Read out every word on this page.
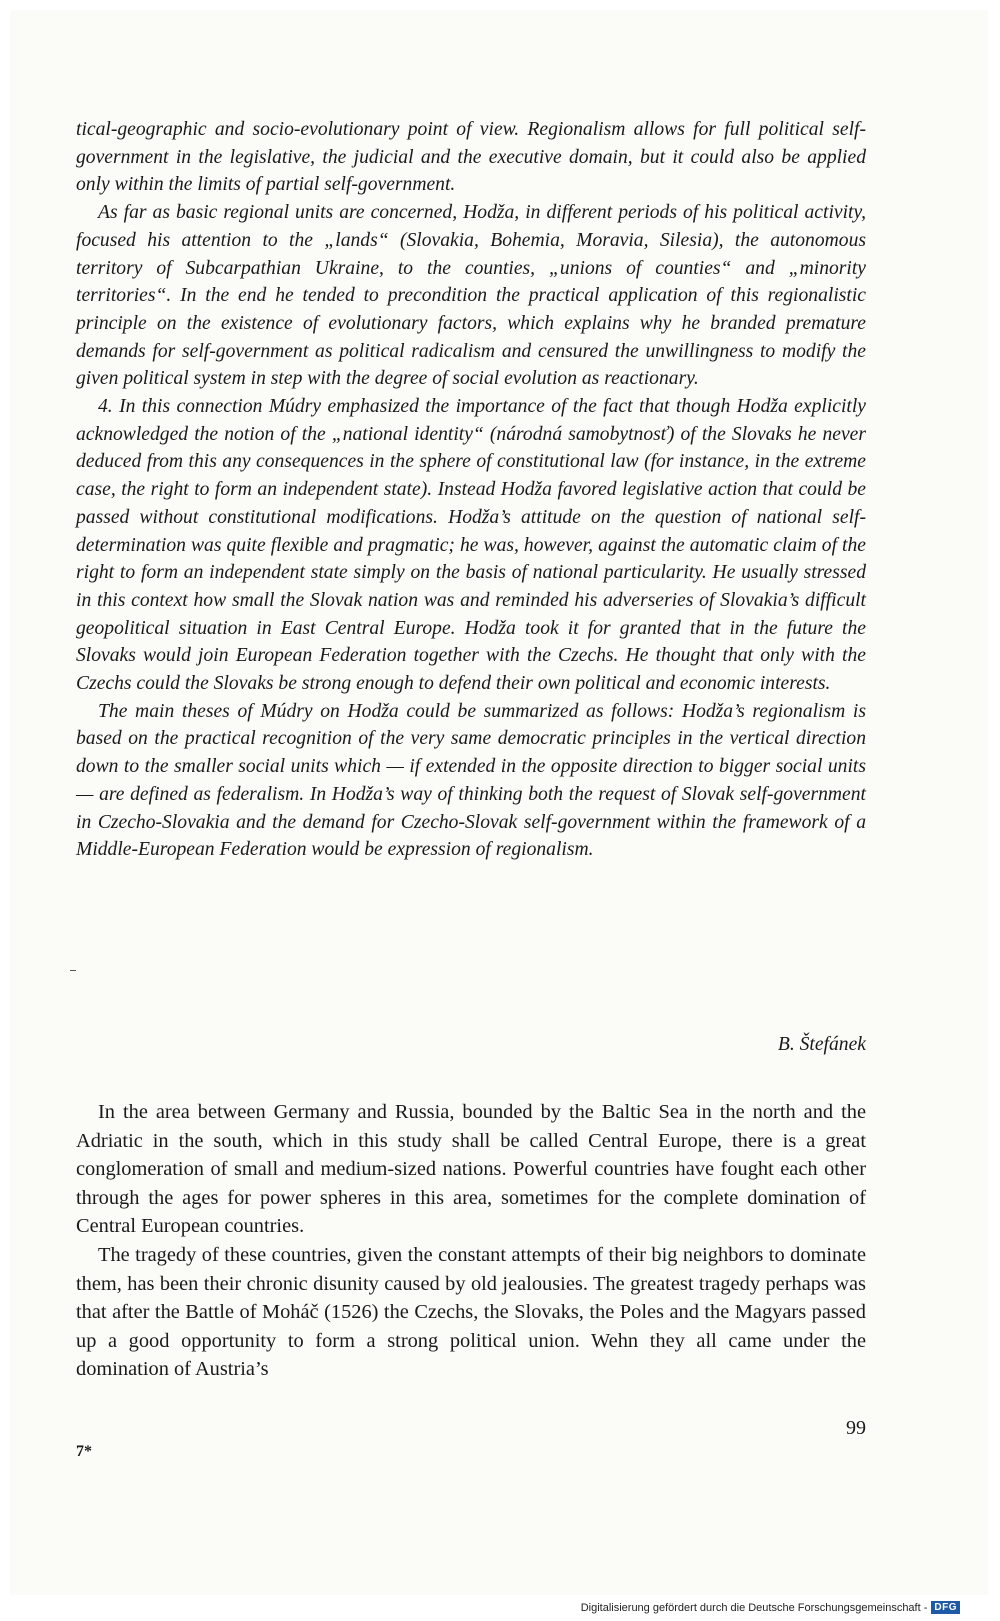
tical-geographic and socio-evolutionary point of view. Regionalism allows for full political self-government in the legislative, the judicial and the executive domain, but it could also be applied only within the limits of partial self-government.

As far as basic regional units are concerned, Hodža, in different periods of his political activity, focused his attention to the „lands“ (Slovakia, Bohemia, Moravia, Silesia), the autonomous territory of Subcarpathian Ukraine, to the counties, „unions of counties“ and „minority territories“. In the end he tended to precondition the practical application of this regionalistic principle on the existence of evolutionary factors, which explains why he branded premature demands for self-government as political radicalism and censured the unwillingness to modify the given political system in step with the degree of social evolution as reactionary.

4. In this connection Múdry emphasized the importance of the fact that though Hodža explicitly acknowledged the notion of the „national identity“ (národná samobytnosť) of the Slovaks he never deduced from this any consequences in the sphere of constitutional law (for instance, in the extreme case, the right to form an independent state). Instead Hodža favored legislative action that could be passed without constitutional modifications. Hodža’s attitude on the question of national self-determination was quite flexible and pragmatic; he was, however, against the automatic claim of the right to form an independent state simply on the basis of national particularity. He usually stressed in this context how small the Slovak nation was and reminded his adverseries of Slovakia’s difficult geopolitical situation in East Central Europe. Hodža took it for granted that in the future the Slovaks would join European Federation together with the Czechs. He thought that only with the Czechs could the Slovaks be strong enough to defend their own political and economic interests.

The main theses of Múdry on Hodža could be summarized as follows: Hodža’s regionalism is based on the practical recognition of the very same democratic principles in the vertical direction down to the smaller social units which — if extended in the opposite direction to bigger social units — are defined as federalism. In Hodža’s way of thinking both the request of Slovak self-government in Czecho-Slovakia and the demand for Czecho-Slovak self-government within the framework of a Middle-European Federation would be expression of regionalism.

B. Štefánek

In the area between Germany and Russia, bounded by the Baltic Sea in the north and the Adriatic in the south, which in this study shall be called Central Europe, there is a great conglomeration of small and medium-sized nations. Powerful countries have fought each other through the ages for power spheres in this area, sometimes for the complete domination of Central European countries.

The tragedy of these countries, given the constant attempts of their big neighbors to dominate them, has been their chronic disunity caused by old jealousies. The greatest tragedy perhaps was that after the Battle of Moháč (1526) the Czechs, the Slovaks, the Poles and the Magyars passed up a good opportunity to form a strong political union. Wehn they all came under the domination of Austria’s

99
7*
Digitalisierung gefördert durch die Deutsche Forschungsgemeinschaft - DFG
